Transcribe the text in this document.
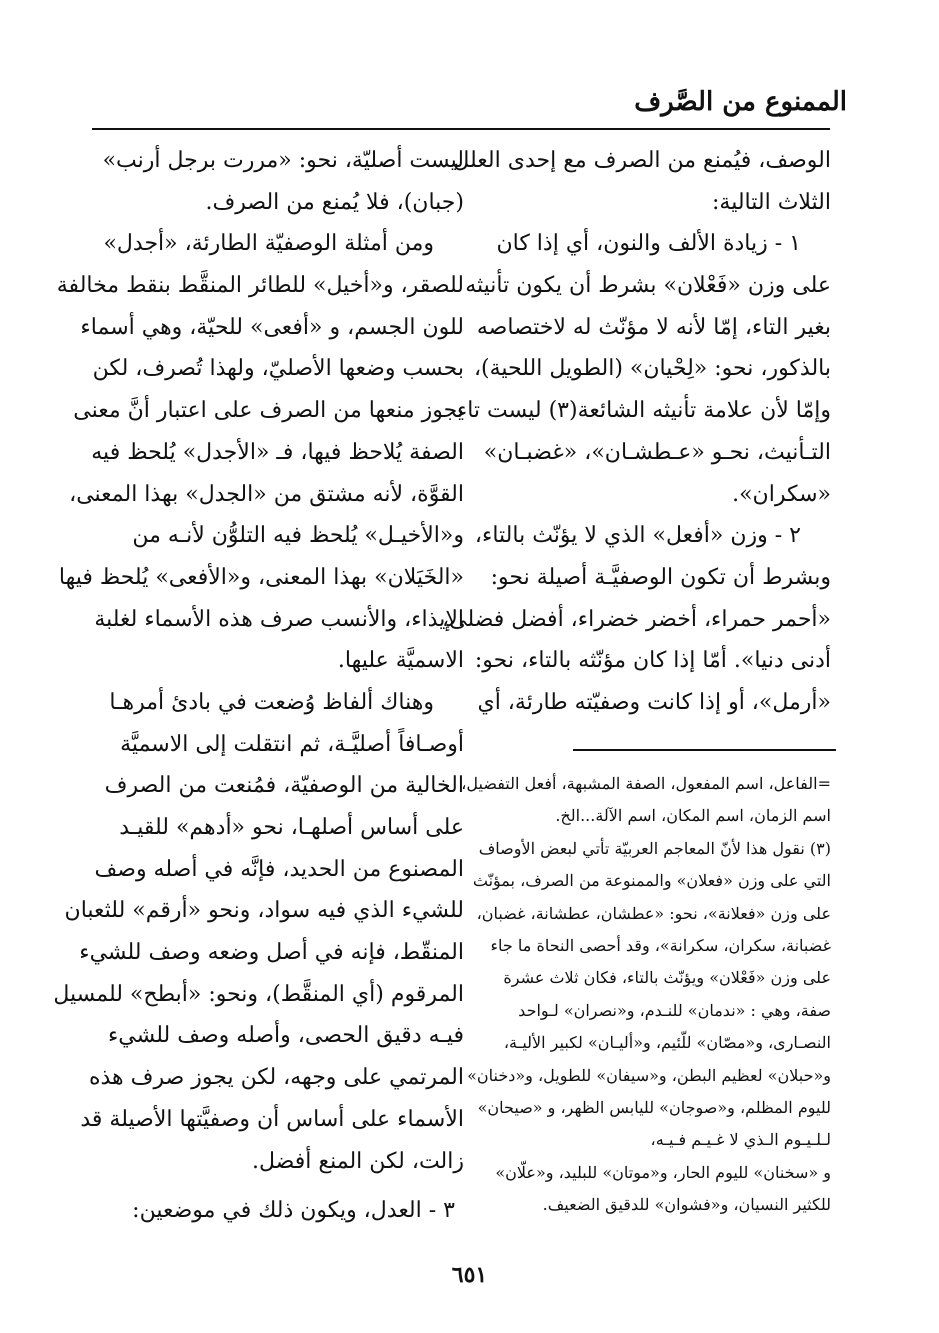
الممنوع من الصَّرف
الوصف، فيُمنع من الصرف مع إحدى العلل
الثلاث التالية:
١ - زيادة الألف والنون، أي إذا كان
على وزن «فَعْلان» بشرط أن يكون تأنيثه
بغير التاء، إمّا لأنه لا مؤنّث له لاختصاصه
بالذكور، نحو: «لِحْيان» (الطويل اللحية)،
وإمّا لأن علامة تأنيثه الشائعة(٣) ليست تاء
التـأنيث، نحـو «عـطشـان»، «غضبـان»
«سكران».
٢ - وزن «أفعل» الذي لا يؤنّث بالتاء،
وبشرط أن تكون الوصفيَّـة أصيلة نحو:
«أحمر حمراء، أخضر خضراء، أفضل فضلى،
أدنى دنيا». أمّا إذا كان مؤنّثه بالتاء، نحو:
«أرمل»، أو إذا كانت وصفيّته طارئة، أي
=الفاعل، اسم المفعول، الصفة المشبهة، أفعل التفضيل،
اسم الزمان، اسم المكان، اسم الآلة...الخ.
(٣) نقول هذا لأنّ المعاجم العربيّة تأتي لبعض الأوصاف
التي على وزن «فعلان» والممنوعة من الصرف، بمؤنّث
على وزن «فعلانة»، نحو: «عطشان، عطشانة، غضبان،
غضبانة، سكران، سكرانة»، وقد أحصى النحاة ما جاء
على وزن «فَعْلان» ويؤنّث بالتاء، فكان ثلاث عشرة
صفة، وهي : «ندمان» للنـدم، و«نصران» لـواحد
النصـارى، و«مصّان» للّئيم، و«أليـان» لكبير الأليـة،
و«حبلان» لعظيم البطن، و«سيفان» للطويل، و«دخنان»
لليوم المظلم، و«صوجان» لليابس الظهر، و «صيحان»
لـلـيـوم الـذي لا غـيـم فـيـه،
و «سخنان» لليوم الحار، و«موتان» للبليد، و«علّان»
للكثير النسيان، و«فشوان» للدقيق الضعيف.
ليست أصليّة، نحو: «مررت برجل أرنب»
(جبان)، فلا يُمنع من الصرف.
ومن أمثلة الوصفيّة الطارئة، «أجدل»
للصقر، و«أخيل» للطائر المنقَّط بنقط مخالفة
للون الجسم، و «أفعى» للحيّة، وهي أسماء
بحسب وضعها الأصليّ، ولهذا تُصرف، لكن
يجوز منعها من الصرف على اعتبار أنَّ معنى
الصفة يُلاحظ فيها، فـ «الأجدل» يُلحظ فيه
القوَّة، لأنه مشتق من «الجدل» بهذا المعنى،
و«الأخيـل» يُلحظ فيه التلوُّن لأنـه من
«الخَيَلان» بهذا المعنى، و«الأفعى» يُلحظ فيها
الإيذاء، والأنسب صرف هذه الأسماء لغلبة
الاسميَّة عليها.
وهناك ألفاظ وُضعت في بادئ أمرهـا
أوصـافاً أصليَّـة، ثم انتقلت إلى الاسميَّة
الخالية من الوصفيّة، فمُنعت من الصرف
على أساس أصلهـا، نحو «أدهم» للقيـد
المصنوع من الحديد، فإنَّه في أصله وصف
للشيء الذي فيه سواد، ونحو «أرقم» للثعبان
المنقّط، فإنه في أصل وضعه وصف للشيء
المرقوم (أي المنقَّط)، ونحو: «أبطح» للمسيل
فيـه دقيق الحصى، وأصله وصف للشيء
المرتمي على وجهه، لكن يجوز صرف هذه
الأسماء على أساس أن وصفيَّتها الأصيلة قد
زالت، لكن المنع أفضل.
٣ - العدل، ويكون ذلك في موضعين:
٦٥١
